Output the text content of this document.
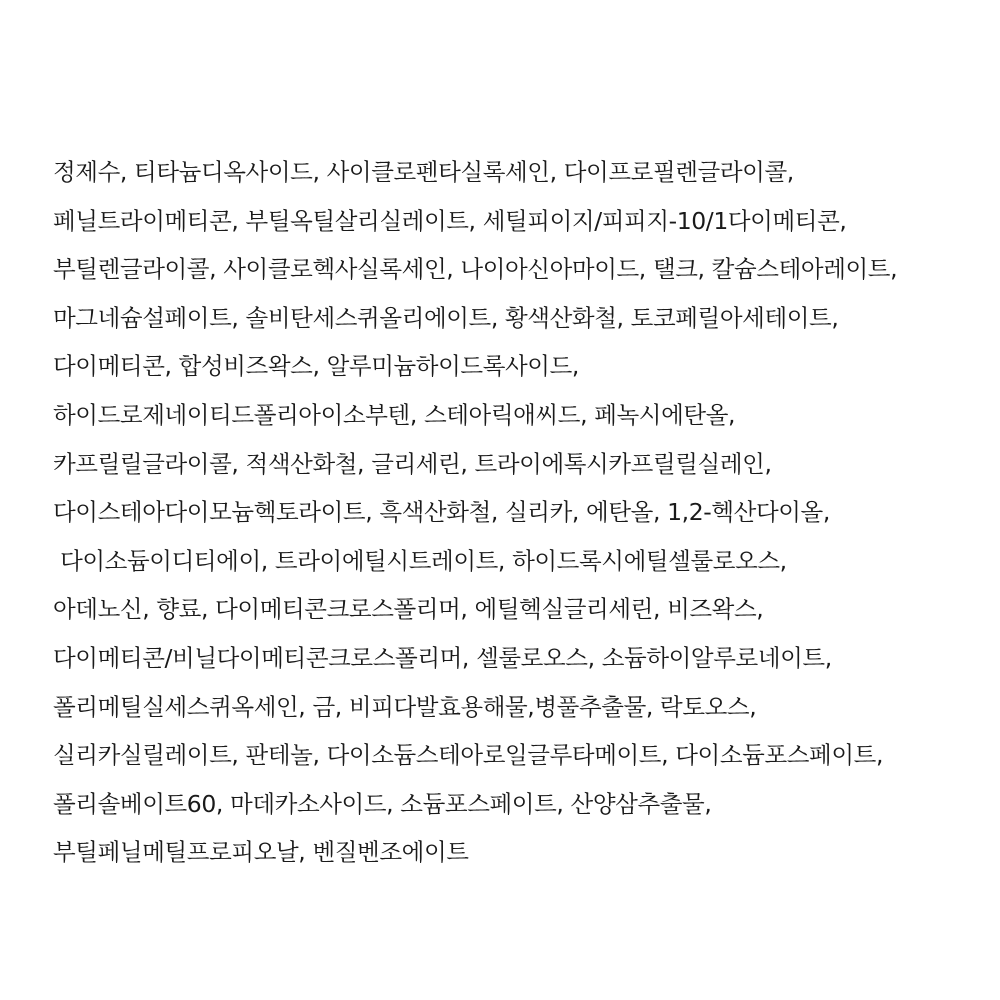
정제수, 티타늄디옥사이드, 사이클로펜타실록세인, 다이프로필렌글라이콜,
페닐트라이메티콘, 부틸옥틸살리실레이트, 세틸피이지/피피지-10/1다이메티콘,
부틸렌글라이콜, 사이클로헥사실록세인, 나이아신아마이드, 탤크, 칼슘스테아레이트,
마그네슘설페이트, 솔비탄세스퀴올리에이트, 황색산화철, 토코페릴아세테이트,
다이메티콘, 합성비즈왁스, 알루미늄하이드록사이드,
하이드로제네이티드폴리아이소부텐, 스테아릭애씨드, 페녹시에탄올,
카프릴릴글라이콜, 적색산화철, 글리세린, 트라이에톡시카프릴릴실레인,
다이스테아다이모늄헥토라이트, 흑색산화철, 실리카, 에탄올, 1,2-헥산다이올,
다이소듐이디티에이, 트라이에틸시트레이트, 하이드록시에틸셀룰로오스,
아데노신, 향료, 다이메티콘크로스폴리머, 에틸헥실글리세린, 비즈왁스,
다이메티콘/비닐다이메티콘크로스폴리머, 셀룰로오스, 소듐하이알루로네이트,
폴리메틸실세스퀴옥세인, 금, 비피다발효용해물,병풀추출물, 락토오스,
실리카실릴레이트, 판테놀, 다이소듐스테아로일글루타메이트, 다이소듐포스페이트,
폴리솔베이트60, 마데카소사이드, 소듐포스페이트, 산양삼추출물,
부틸페닐메틸프로피오날, 벤질벤조에이트
